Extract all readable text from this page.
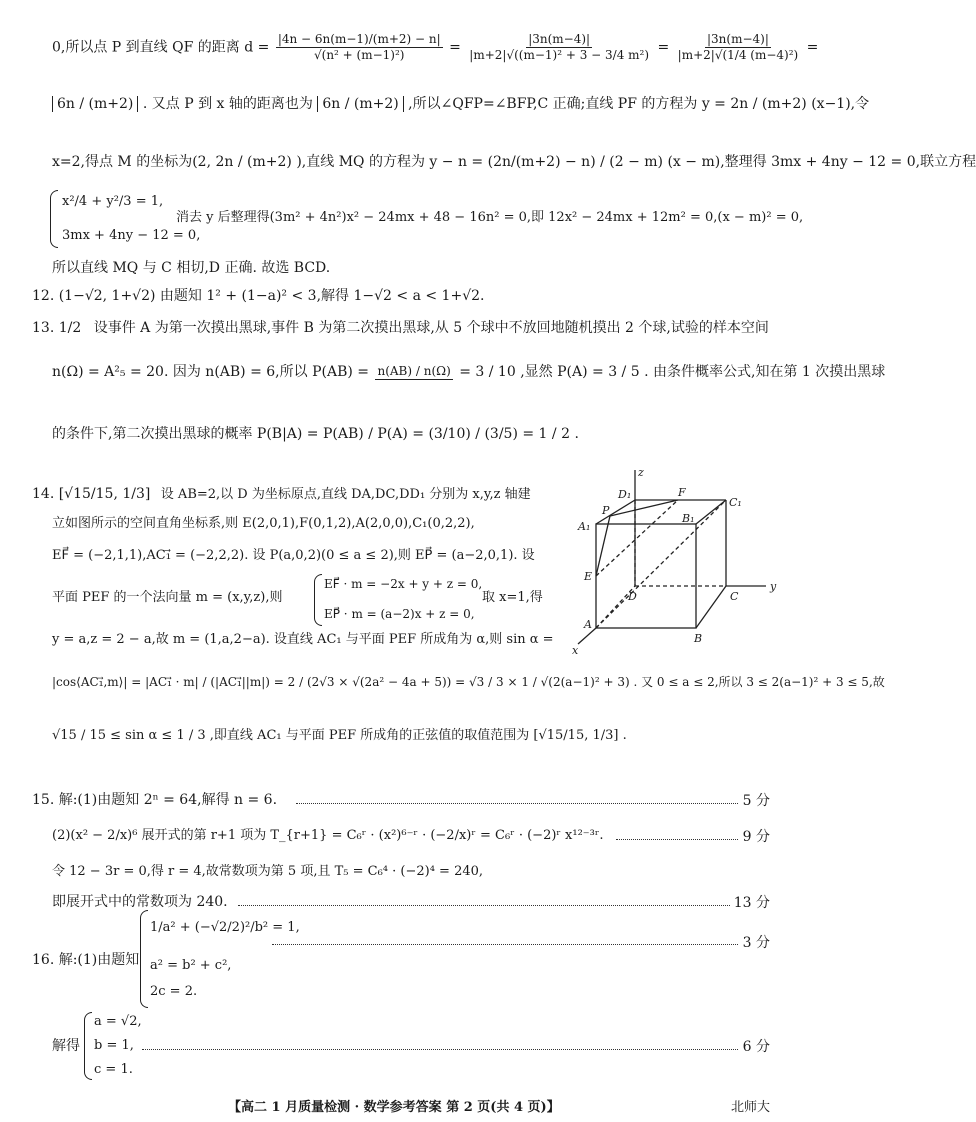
0,所以点 P 到直线 QF 的距离 $d = \frac{|4n - 6n(m-1)/(m+2) - n|}{\text{√(n² + (m−1)²)}} = \frac{|3n(m-4)|}{\text{|m+2|√((m−1)² + 3 − 3/4 m²)}} = \frac{|3n(m-4)|}{\text{|m+2|√(1/4 (m−4)²)}}$ =
6n / (m+2) . 又点 P 到 x 轴的距离也为 6n / (m+2) ,所以∠QFP=∠BFP,C 正确;直线 PF 的方程为 y = 2n / (m+2) (x−1),令
x=2,得点 M 的坐标为(2, 2n / (m+2) ),直线 MQ 的方程为 y − n = (2n/(m+2) − n) / (2 − m) (x − m),整理得 3mx + 4ny − 12 = 0,联立方程
x²/4 + y²/3 = 1,
3mx + 4ny − 12 = 0,
消去 y 后整理得(3m² + 4n²)x² − 24mx + 48 − 16n² = 0,即 12x² − 24mx + 12m² = 0,(x − m)² = 0,
所以直线 MQ 与 C 相切,D 正确. 故选 BCD.
12. (1−√2, 1+√2) 由题知 1² + (1−a)² < 3,解得 1−√2 < a < 1+√2.
13. 1/2 设事件 A 为第一次摸出黑球,事件 B 为第二次摸出黑球,从 5 个球中不放回地随机摸出 2 个球,试验的样本空间
n(Ω) = A²₅ = 20. 因为 n(AB) = 6,所以 P(AB) = n(AB) / n(Ω) = 3 / 10 ,显然 P(A) = 3 / 5 . 由条件概率公式,知在第 1 次摸出黑球
的条件下,第二次摸出黑球的概率 P(B|A) = P(AB) / P(A) = (3/10) / (3/5) = 1 / 2 .
14. [√15/15, 1/3] 设 AB=2,以 D 为坐标原点,直线 DA,DC,DD₁ 分别为 x,y,z 轴建
立如图所示的空间直角坐标系,则 E(2,0,1),F(0,1,2),A(2,0,0),C₁(0,2,2),
EF⃗ = (−2,1,1),AC₁⃗ = (−2,2,2). 设 P(a,0,2)(0 ≤ a ≤ 2),则 EP⃗ = (a−2,0,1). 设
平面 PEF 的一个法向量 m = (x,y,z),则
EF⃗ · m = −2x + y + z = 0,
EP⃗ · m = (a−2)x + z = 0,
取 x=1,得
y = a,z = 2 − a,故 m = (1,a,2−a). 设直线 AC₁ 与平面 PEF 所成角为 α,则 sin α =
|cos⟨AC₁⃗,m⟩| = |AC₁⃗ · m| / (|AC₁⃗||m|) = 2 / (2√3 × √(2a² − 4a + 5)) = √3 / 3 × 1 / √(2(a−1)² + 3) . 又 0 ≤ a ≤ 2,所以 3 ≤ 2(a−1)² + 3 ≤ 5,故
√15 / 15 ≤ sin α ≤ 1 / 3 ,即直线 AC₁ 与平面 PEF 所成角的正弦值的取值范围为 [√15/15, 1/3] .
z
y
x
D₁	F
C₁
A₁
P
B₁
E
D	C
A
B
15. 解:(1)由题知 2ⁿ = 64,解得 n = 6.	5 分
(2)(x² − 2/x)⁶ 展开式的第 r+1 项为 T_{r+1} = C₆ʳ · (x²)⁶⁻ʳ · (−2/x)ʳ = C₆ʳ · (−2)ʳ x¹²⁻³ʳ.	9 分
令 12 − 3r = 0,得 r = 4,故常数项为第 5 项,且 T₅ = C₆⁴ · (−2)⁴ = 240,
即展开式中的常数项为 240.	13 分
16. 解:(1)由题知
1/a² + (−√2/2)²/b² = 1,
a² = b² + c²,
2c = 2.
3 分
解得
a = √2,
b = 1,
c = 1.
6 分
【高二 1 月质量检测 · 数学参考答案 第 2 页(共 4 页)】	北师大
